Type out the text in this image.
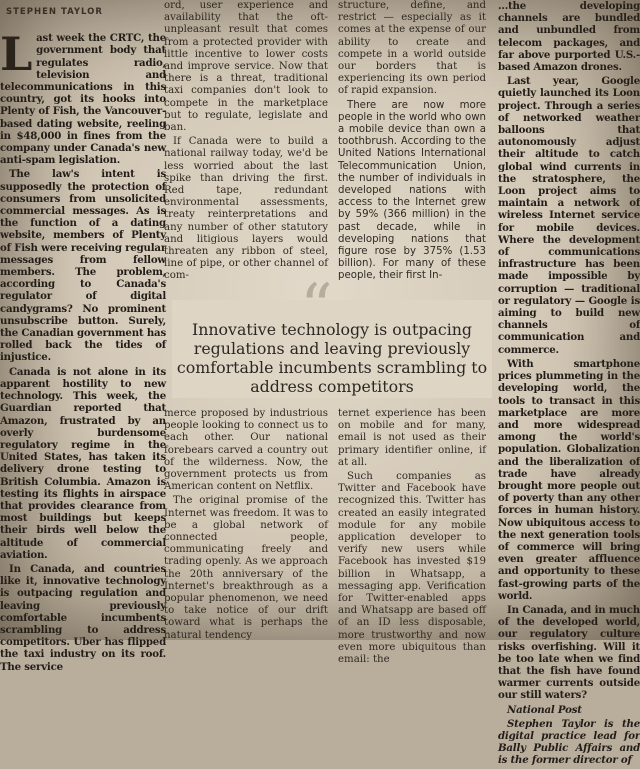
STEPHEN TAYLOR

Last week the CRTC, the government body that regulates radio, television and telecommunications in this country, got its hooks into Plenty of Fish, the Vancouver-based dating website, reeling in $48,000 in fines from the company under Canada's new anti-spam legislation.

The law's intent is supposedly the protection of consumers from unsolicited commercial messages. As is the function of a dating website, members of Plenty of Fish were receiving regular messages from fellow members. The problem, according to Canada's regulator of digital candygrams? No prominent unsubscribe button. Surely, the Canadian government has rolled back the tides of injustice.

Canada is not alone in its apparent hostility to new technology. This week, the Guardian reported that Amazon, frustrated by an overly burdensome regulatory regime in the United States, has taken its delivery drone testing to British Columbia. Amazon is testing its flights in airspace that provides clearance from most buildings but keeps their birds well below the altitude of commercial aviation.

In Canada, and countries like it, innovative technology is outpacing regulation and leaving previously comfortable incumbents scrambling to address competitors. Uber has flipped the taxi industry on its roof. The service

ord, user experience and availability that the oft-unpleasant result that comes from a protected provider with little incentive to lower costs and improve service. Now that there is a threat, traditional taxi companies don't look to compete in the marketplace but to regulate, legislate and ban.

If Canada were to build a national railway today, we'd be less worried about the last spike than driving the first. Red tape, redundant environmental assessments, treaty reinterpretations and any number of other statutory and litigious layers would threaten any ribbon of steel, line of pipe, or other channel of com-

structure, define, and restrict — especially as it comes at the expense of our ability to create and compete in a world outside our borders that is experiencing its own period of rapid expansion.

There are now more people in the world who own a mobile device than own a toothbrush. According to the United Nations International Telecommunication Union, the number of individuals in developed nations with access to the Internet grew by 59% (366 million) in the past decade, while in developing nations that figure rose by 375% (1.53 billion). For many of these people, their first In-

...the developing channels are bundled and unbundled from telecom packages, and far above purported U.S.-based Amazon drones.

Last year, Google quietly launched its Loon project. Through a series of networked weather balloons that autonomously adjust their altitude to catch global wind currents in the stratosphere, the Loon project aims to maintain a network of wireless Internet service for mobile devices. Where the development of communications infrastructure has been made impossible by corruption — traditional or regulatory — Google is aiming to build new channels of communication and commerce.

With smartphone prices plummeting in the developing world, the tools to transact in this marketplace are more and more widespread among the world's population. Globalization and the liberalization of trade have already brought more people out of poverty than any other forces in human history. Now ubiquitous access to the next generation tools of commerce will bring even greater affluence and opportunity to these fast-growing parts of the world.

In Canada, and in much of the developed world, our regulatory culture risks overfishing. Will it be too late when we find that the fish have found warmer currents outside our still waters?

National Post

Stephen Taylor is the digital practice lead for Bally Public Affairs and is the former director of

“
Innovative technology is outpacing regulations and leaving previously comfortable incumbents scrambling to address competitors

merce proposed by industrious people looking to connect us to each other. Our national forebears carved a country out of the wilderness. Now, the government protects us from American content on Netflix.

The original promise of the Internet was freedom. It was to be a global network of connected people, communicating freely and trading openly. As we approach the 20th anniversary of the Internet's breakthrough as a popular phenomenon, we need to take notice of our drift toward what is perhaps the natural tendency

ternet experience has been on mobile and for many, email is not used as their primary identifier online, if at all.

Such companies as Twitter and Facebook have recognized this. Twitter has created an easily integrated module for any mobile application developer to verify new users while Facebook has invested $19 billion in Whatsapp, a messaging app. Verification for Twitter-enabled apps and Whatsapp are based off of an ID less disposable, more trustworthy and now even more ubiquitous than email: the
